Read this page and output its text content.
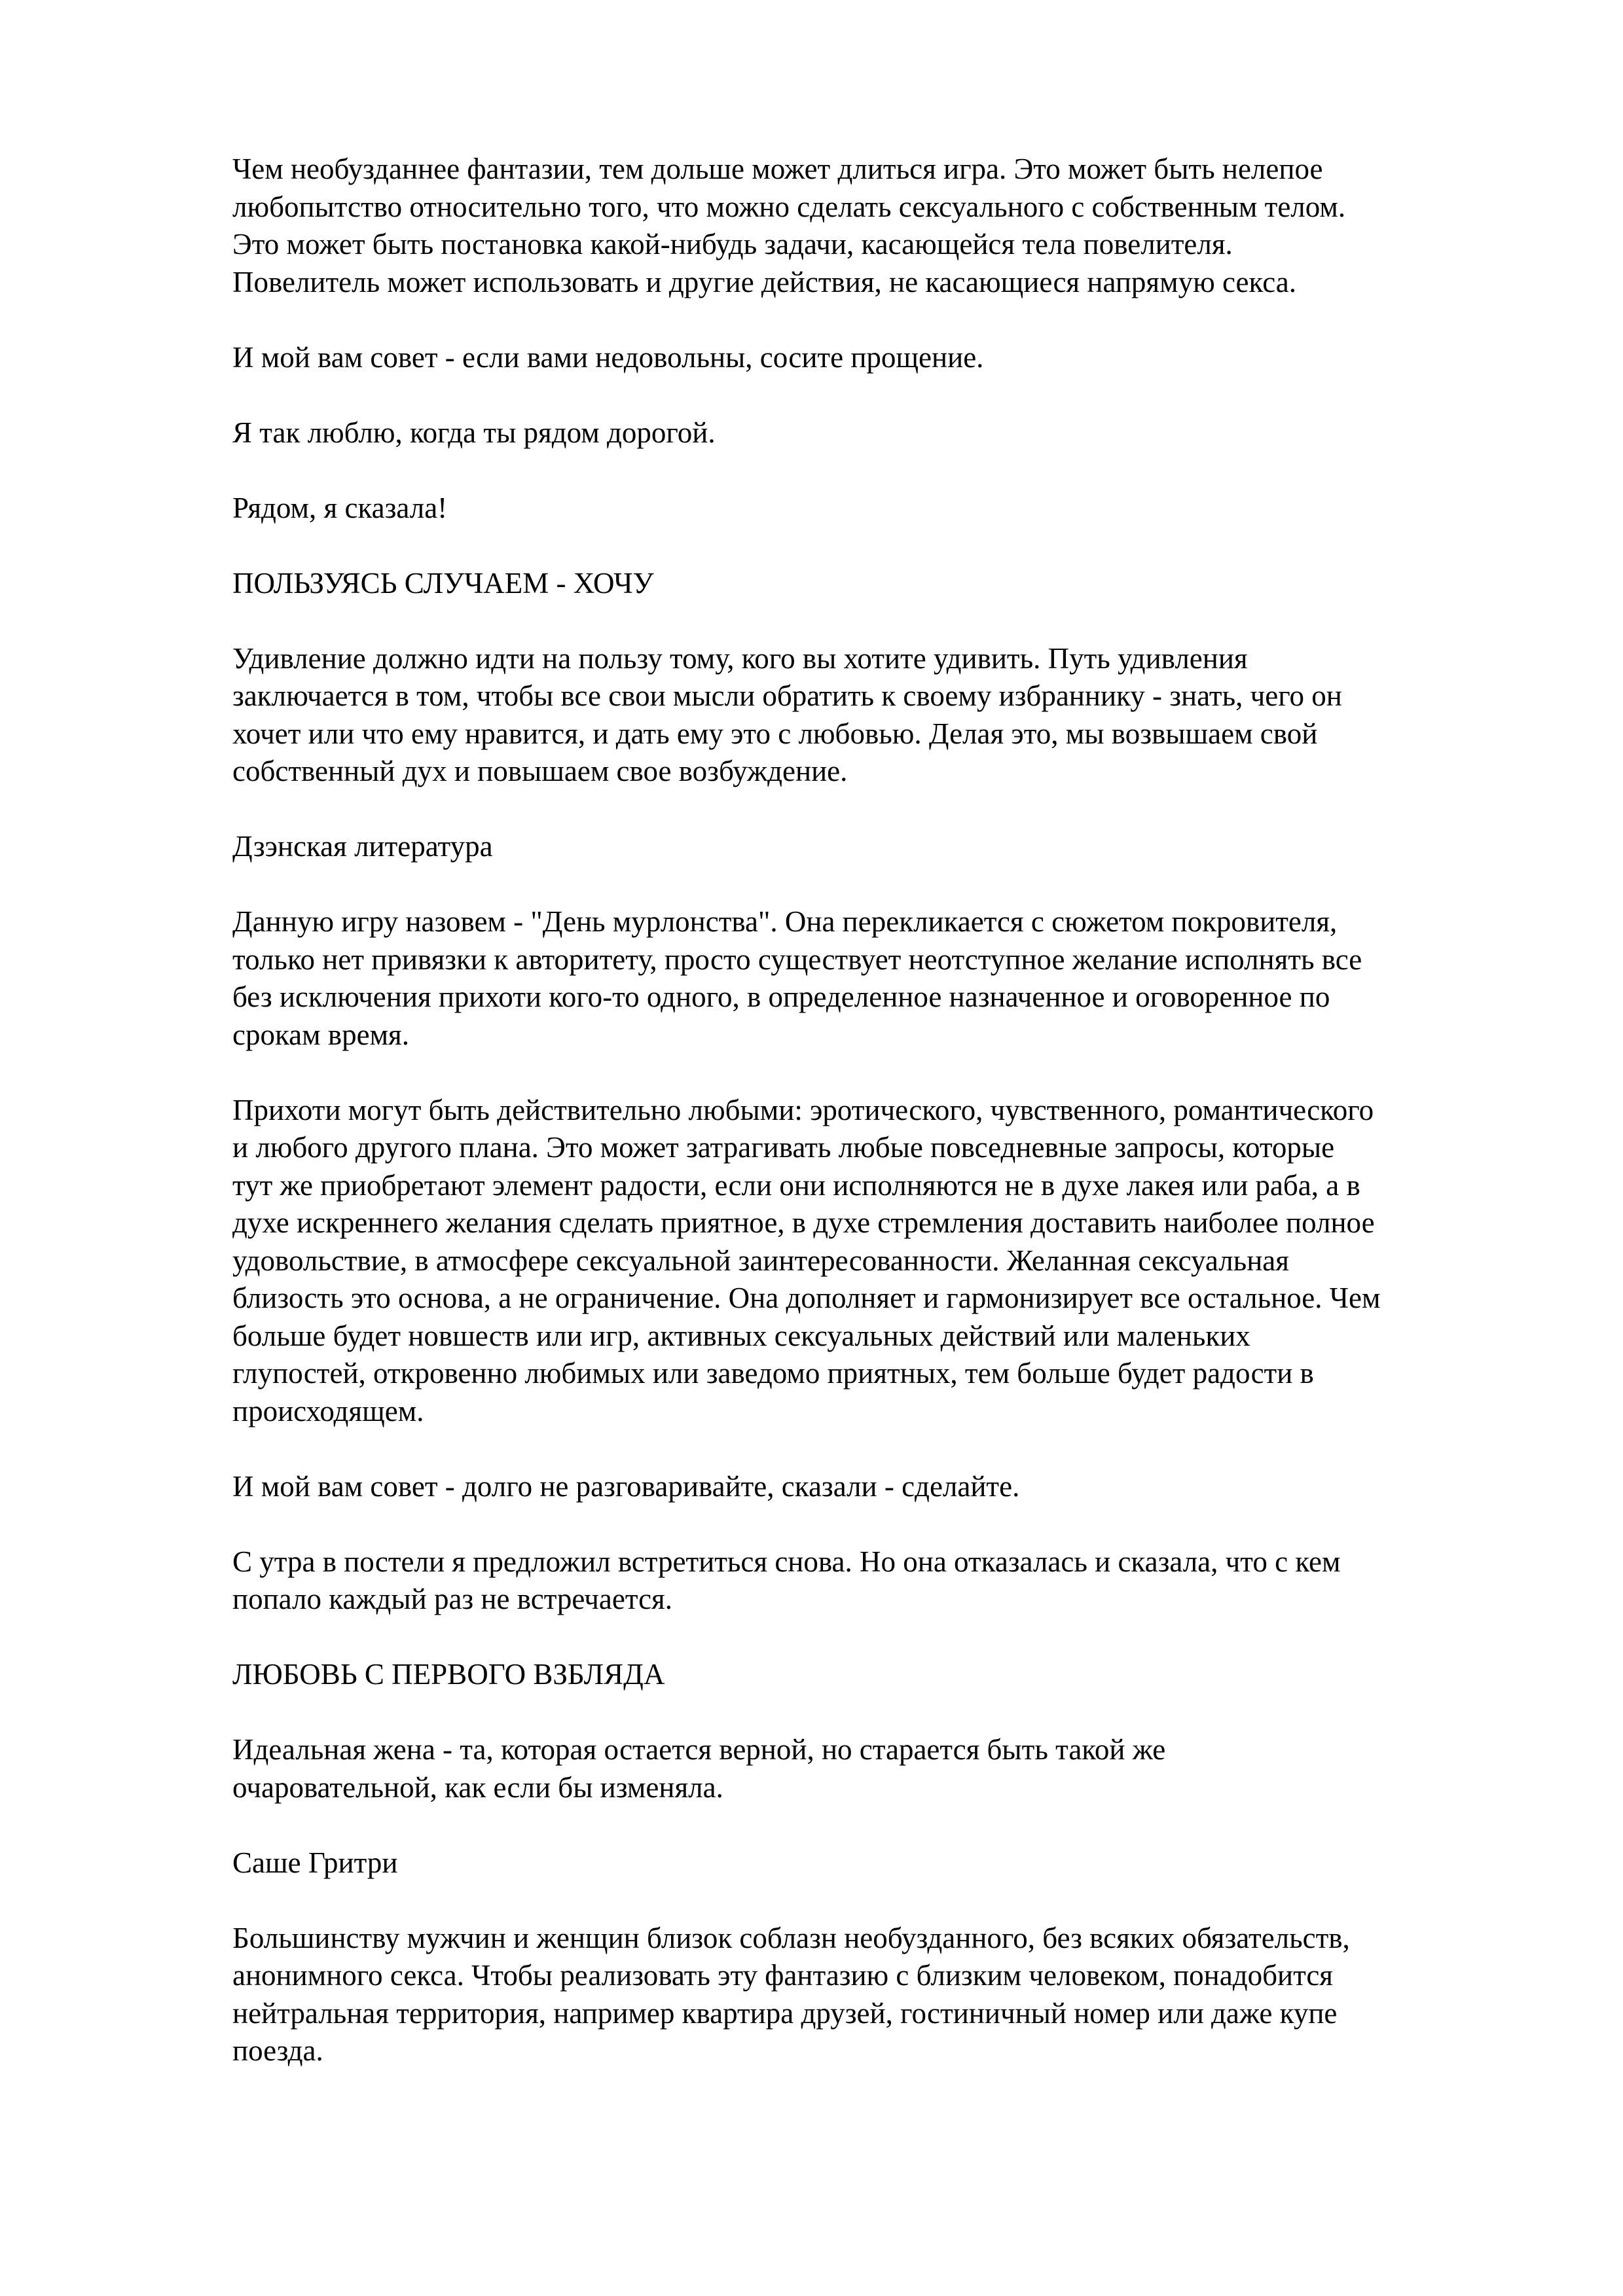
Чем необузданнее фантазии, тем дольше может длиться игра. Это может быть нелепое
любопытство относительно того, что можно сделать сексуального с собственным телом.
Это может быть постановка какой-нибудь задачи, касающейся тела повелителя.
Повелитель может использовать и другие действия, не касающиеся напрямую секса.

И мой вам совет - если вами недовольны, сосите прощение.

Я так люблю, когда ты рядом дорогой.

Рядом, я сказала!

ПОЛЬЗУЯСЬ СЛУЧАЕМ - ХОЧУ

Удивление должно идти на пользу тому, кого вы хотите удивить. Путь удивления
заключается в том, чтобы все свои мысли обратить к своему избраннику - знать, чего он
хочет или что ему нравится, и дать ему это с любовью. Делая это, мы возвышаем свой
собственный дух и повышаем свое возбуждение.

Дзэнская литература

Данную игру назовем - "День мурлонства". Она перекликается с сюжетом покровителя,
только нет привязки к авторитету, просто существует неотступное желание исполнять все
без исключения прихоти кого-то одного, в определенное назначенное и оговоренное по
срокам время.

Прихоти могут быть действительно любыми: эротического, чувственного, романтического
и любого другого плана. Это может затрагивать любые повседневные запросы, которые
тут же приобретают элемент радости, если они исполняются не в духе лакея или раба, а в
духе искреннего желания сделать приятное, в духе стремления доставить наиболее полное
удовольствие, в атмосфере сексуальной заинтересованности. Желанная сексуальная
близость это основа, а не ограничение. Она дополняет и гармонизирует все остальное. Чем
больше будет новшеств или игр, активных сексуальных действий или маленьких
глупостей, откровенно любимых или заведомо приятных, тем больше будет радости в
происходящем.

И мой вам совет - долго не разговаривайте, сказали - сделайте.

С утра в постели я предложил встретиться снова. Но она отказалась и сказала, что с кем
попало каждый раз не встречается.

ЛЮБОВЬ С ПЕРВОГО ВЗБЛЯДА

Идеальная жена - та, которая остается верной, но старается быть такой же
очаровательной, как если бы изменяла.

Саше Гритри

Большинству мужчин и женщин близок соблазн необузданного, без всяких обязательств,
анонимного секса. Чтобы реализовать эту фантазию с близким человеком, понадобится
нейтральная территория, например квартира друзей, гостиничный номер или даже купе
поезда.
